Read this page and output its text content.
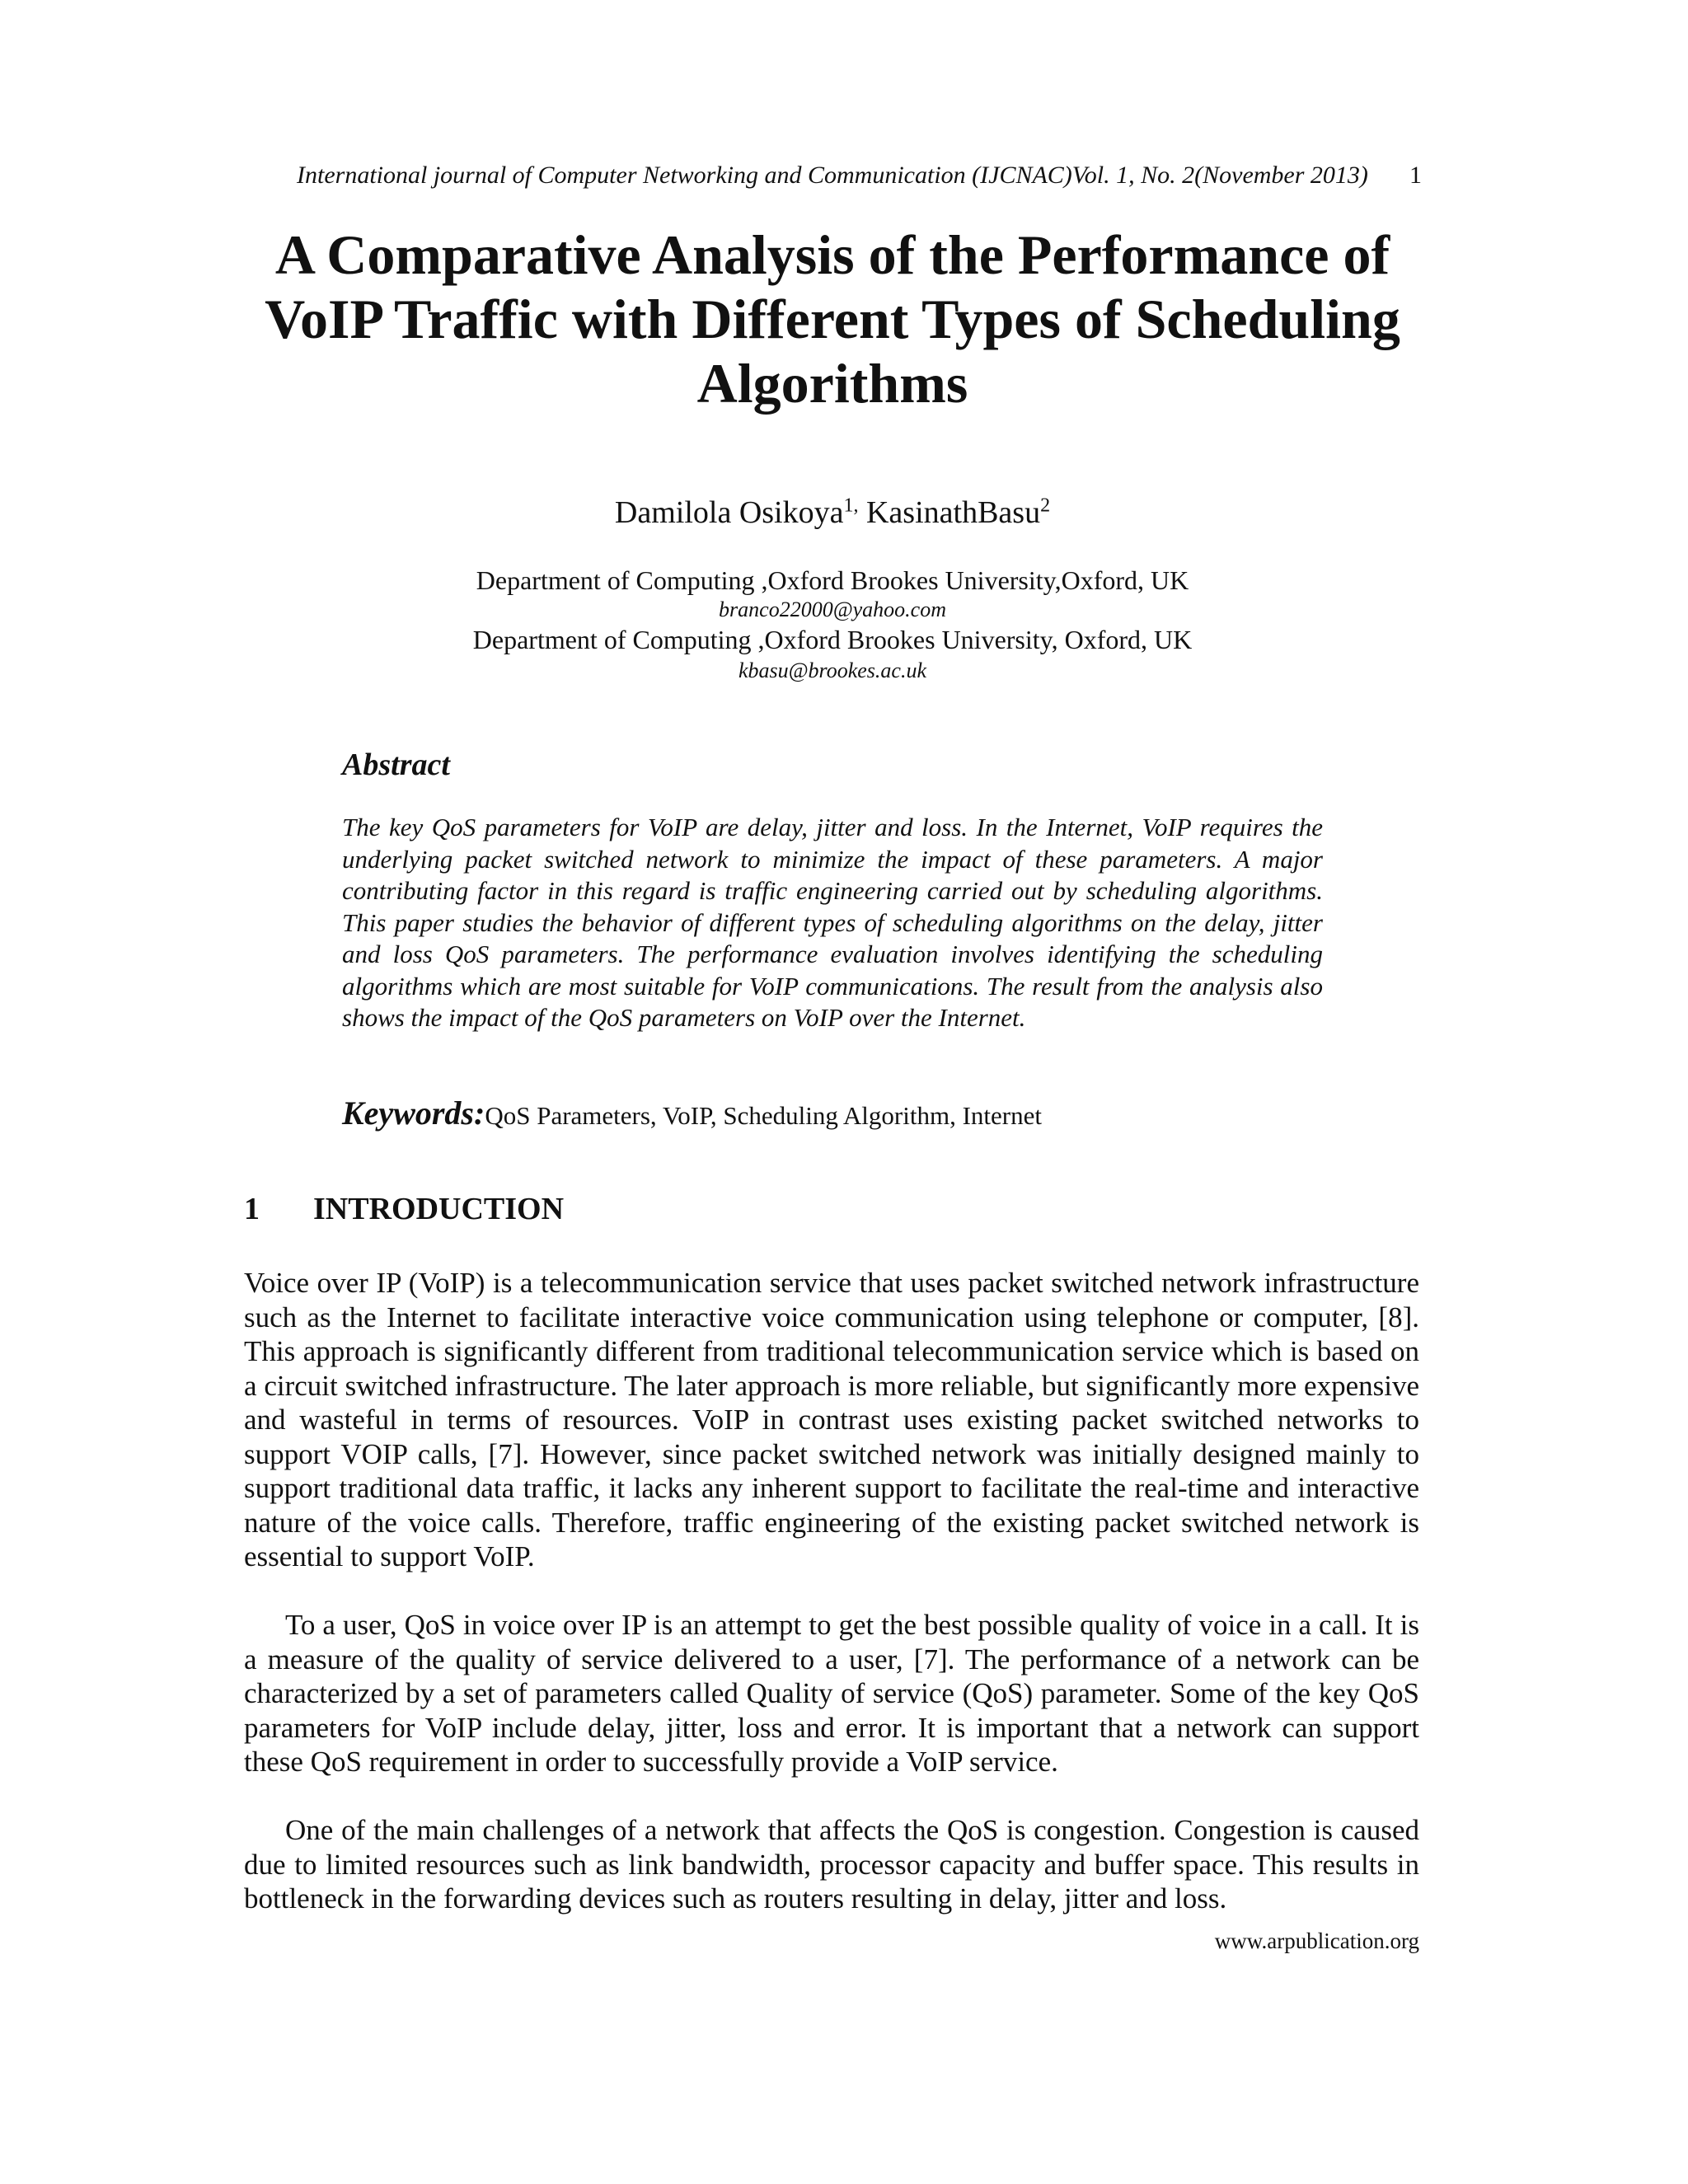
International journal of Computer Networking and Communication (IJCNAC)Vol. 1, No. 2(November 2013) 1
A Comparative Analysis of the Performance of
VoIP Traffic with Different Types of Scheduling
Algorithms
Damilola Osikoya$^{1,}$ KasinathBasu$^2$
Department of Computing ,Oxford Brookes University,Oxford, UK
branco22000@yahoo.com
Department of Computing ,Oxford Brookes University, Oxford, UK
kbasu@brookes.ac.uk
Abstract
The key QoS parameters for VoIP are delay, jitter and loss. In the Internet, VoIP requires the underlying packet switched network to minimize the impact of these parameters. A major contributing factor in this regard is traffic engineering carried out by scheduling algorithms. This paper studies the behavior of different types of scheduling algorithms on the delay, jitter and loss QoS parameters. The performance evaluation involves identifying the scheduling algorithms which are most suitable for VoIP communications. The result from the analysis also shows the impact of the QoS parameters on VoIP over the Internet.
Keywords:QoS Parameters, VoIP, Scheduling Algorithm, Internet
1 INTRODUCTION
Voice over IP (VoIP) is a telecommunication service that uses packet switched network infrastructure such as the Internet to facilitate interactive voice communication using telephone or computer, [8]. This approach is significantly different from traditional telecommunication service which is based on a circuit switched infrastructure. The later approach is more reliable, but significantly more expensive and wasteful in terms of resources. VoIP in contrast uses existing packet switched networks to support VOIP calls, [7]. However, since packet switched network was initially designed mainly to support traditional data traffic, it lacks any inherent support to facilitate the real-time and interactive nature of the voice calls. Therefore, traffic engineering of the existing packet switched network is essential to support VoIP.
To a user, QoS in voice over IP is an attempt to get the best possible quality of voice in a call. It is a measure of the quality of service delivered to a user, [7]. The performance of a network can be characterized by a set of parameters called Quality of service (QoS) parameter. Some of the key QoS parameters for VoIP include delay, jitter, loss and error. It is important that a network can support these QoS requirement in order to successfully provide a VoIP service.
One of the main challenges of a network that affects the QoS is congestion. Congestion is caused due to limited resources such as link bandwidth, processor capacity and buffer space. This results in bottleneck in the forwarding devices such as routers resulting in delay, jitter and loss.
www.arpublication.org
